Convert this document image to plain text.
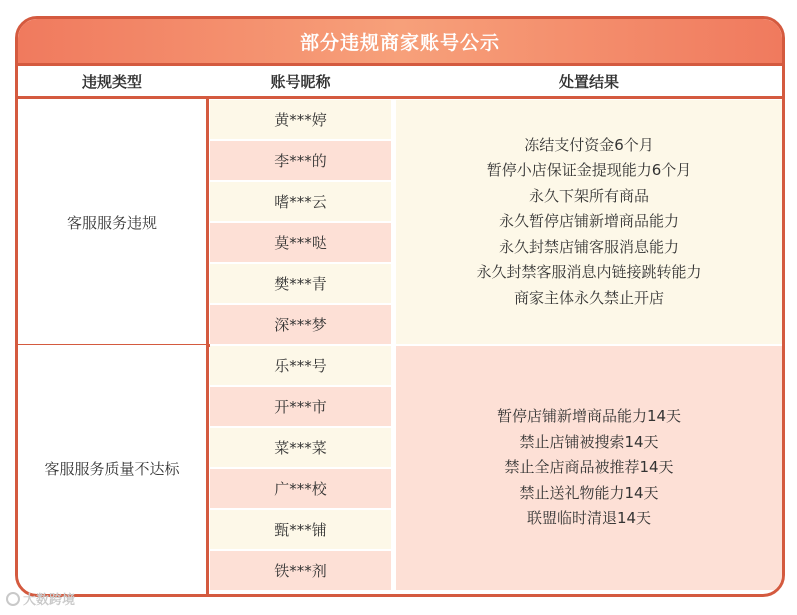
部分违规商家账号公示
违规类型	账号昵称	处置结果
客服服务违规
黄***婷
李***的
嗜***云
莫***哒
樊***青
深***梦
冻结支付资金6个月
暂停小店保证金提现能力6个月
永久下架所有商品
永久暂停店铺新增商品能力
永久封禁店铺客服消息能力
永久封禁客服消息内链接跳转能力
商家主体永久禁止开店
客服服务质量不达标
乐***号
开***市
菜***菜
广***校
甄***铺
铁***剂
暂停店铺新增商品能力14天
禁止店铺被搜索14天
禁止全店商品被推荐14天
禁止送礼物能力14天
联盟临时清退14天
大数跨境
